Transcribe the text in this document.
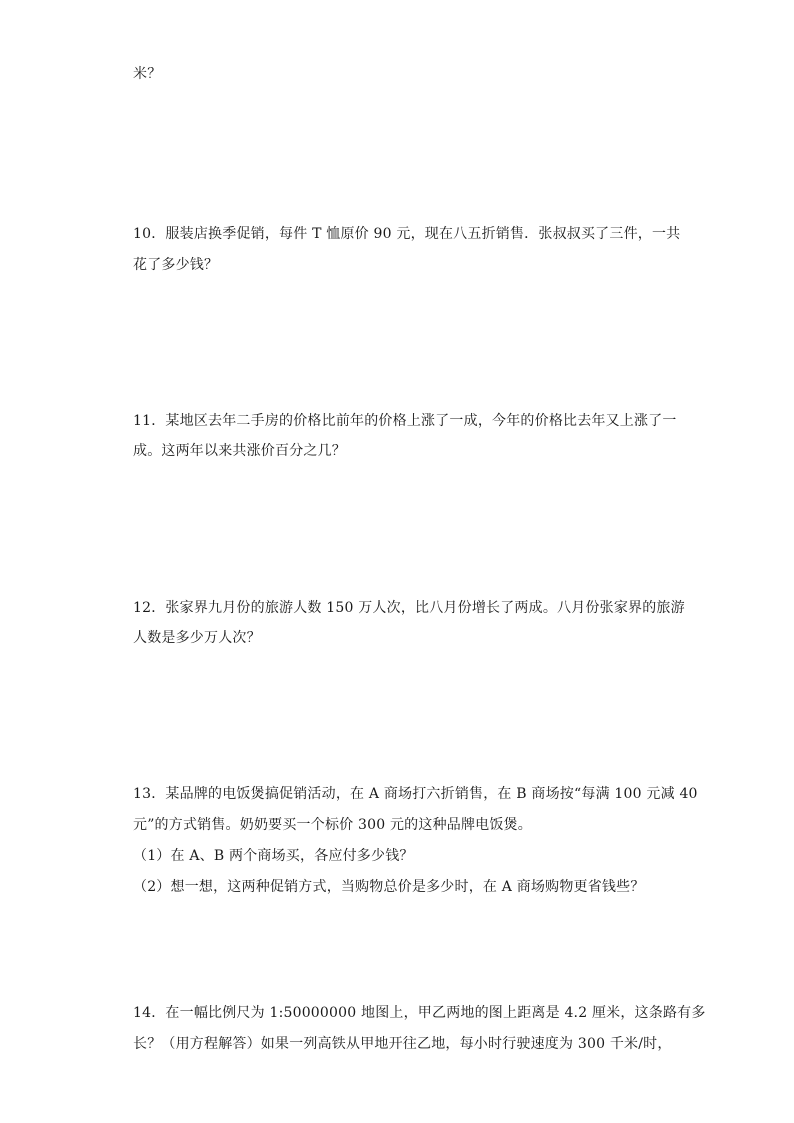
米？
10．服装店换季促销，每件 T 恤原价 90 元，现在八五折销售．张叔叔买了三件，一共
花了多少钱？
11．某地区去年二手房的价格比前年的价格上涨了一成，今年的价格比去年又上涨了一
成。这两年以来共涨价百分之几？
12．张家界九月份的旅游人数 150 万人次，比八月份增长了两成。八月份张家界的旅游
人数是多少万人次？
13．某品牌的电饭煲搞促销活动，在 A 商场打六折销售，在 B 商场按“每满 100 元减 40
元”的方式销售。奶奶要买一个标价 300 元的这种品牌电饭煲。
（1）在 A、B 两个商场买，各应付多少钱？
（2）想一想，这两种促销方式，当购物总价是多少时，在 A 商场购物更省钱些？
14．在一幅比例尺为 1:50000000 地图上，甲乙两地的图上距离是 4.2 厘米，这条路有多
长？（用方程解答）如果一列高铁从甲地开往乙地，每小时行驶速度为 300 千米/时，
